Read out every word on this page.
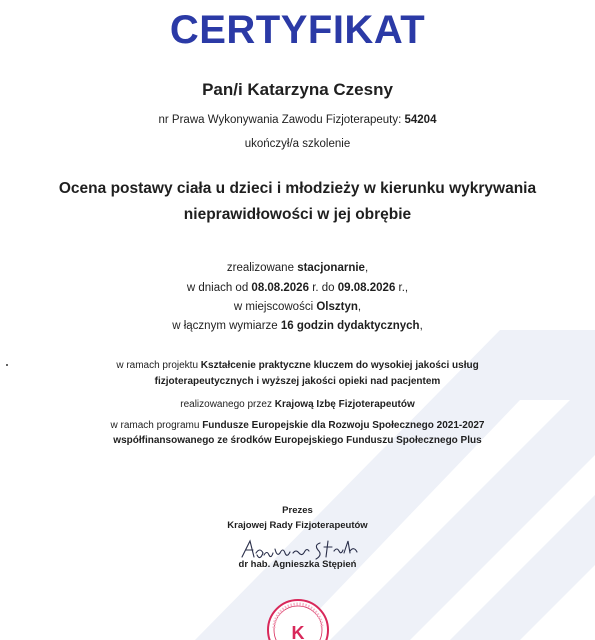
CERTYFIKAT
Pan/i Katarzyna Czesny
nr Prawa Wykonywania Zawodu Fizjoterapeuty: 54204
ukończył/a szkolenie
Ocena postawy ciała u dzieci i młodzieży w kierunku wykrywania
nieprawidłowości w jej obrębie
zrealizowane stacjonarnie,
w dniach od 08.08.2026 r. do 09.08.2026 r.,
w miejscowości Olsztyn,
w łącznym wymiarze 16 godzin dydaktycznych,
w ramach projektu Kształcenie praktyczne kluczem do wysokiej jakości usług
fizjoterapeutycznych i wyższej jakości opieki nad pacjentem
realizowanego przez Krajową Izbę Fizjoterapeutów
w ramach programu Fundusze Europejskie dla Rozwoju Społecznego 2021-2027
współfinansowanego ze środków Europejskiego Funduszu Społecznego Plus
Prezes
Krajowej Rady Fizjoterapeutów
dr hab. Agnieszka Stępień
K
